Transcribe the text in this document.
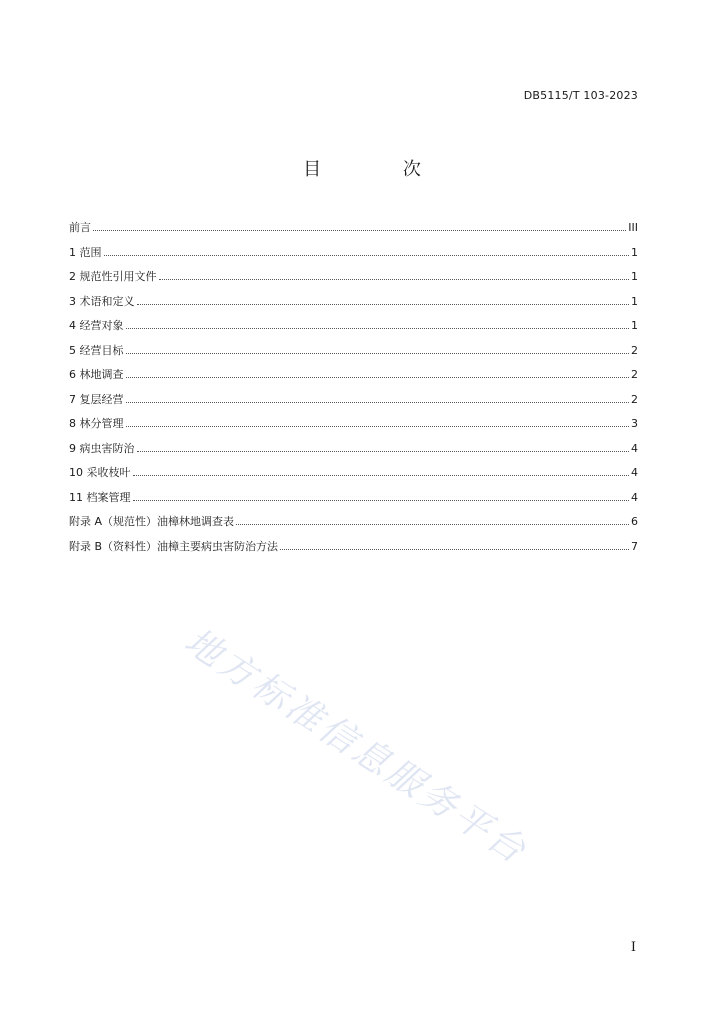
DB5115/T 103-2023
目 次
前言	III
1 范围	1
2 规范性引用文件	1
3 术语和定义	1
4 经营对象	1
5 经营目标	2
6 林地调查	2
7 复层经营	2
8 林分管理	3
9 病虫害防治	4
10 采收枝叶	4
11 档案管理	4
附录 A（规范性）油樟林地调查表	6
附录 B（资料性）油樟主要病虫害防治方法	7
地方标准信息服务平台
I
